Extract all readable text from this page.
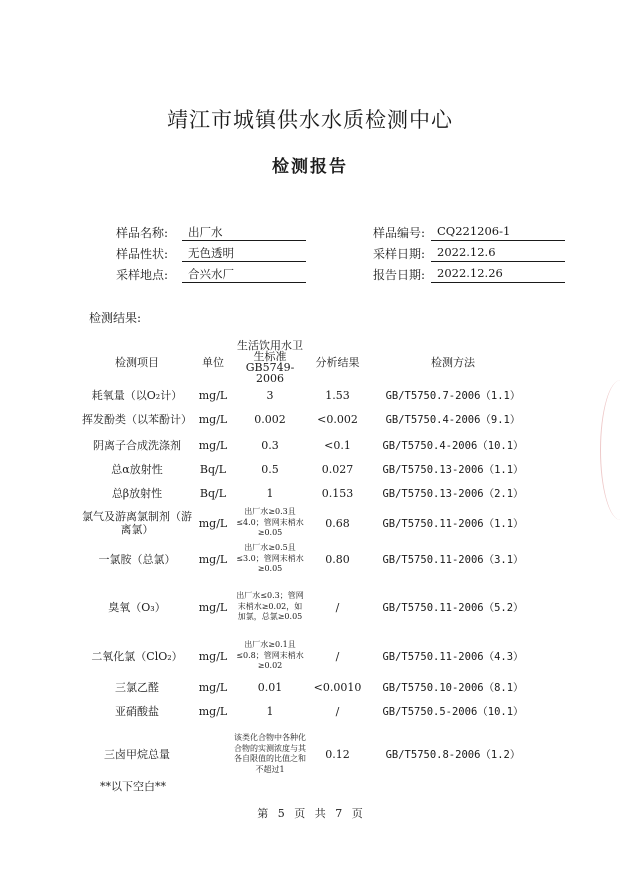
靖江市城镇供水水质检测中心
检测报告
样品名称:	出厂水	样品编号:	CQ221206-1
样品性状:	无色透明	采样日期:	2022.12.6
采样地点:	合兴水厂	报告日期:	2022.12.26
检测结果:
检测项目	单位	生活饮用水卫生标准GB5749-2006	分析结果	检测方法
耗氧量（以O₂计）	mg/L	3	1.53	GB/T5750.7-2006（1.1）
挥发酚类（以苯酚计）	mg/L	0.002	<0.002	GB/T5750.4-2006（9.1）
阴离子合成洗涤剂	mg/L	0.3	<0.1	GB/T5750.4-2006（10.1）
总α放射性	Bq/L	0.5	0.027	GB/T5750.13-2006（1.1）
总β放射性	Bq/L	1	0.153	GB/T5750.13-2006（2.1）
氯气及游离氯制剂（游离氯）	mg/L	出厂水≥0.3且≤4.0；管网末梢水≥0.05	0.68	GB/T5750.11-2006（1.1）
一氯胺（总氯）	mg/L	出厂水≥0.5且≤3.0；管网末梢水≥0.05	0.80	GB/T5750.11-2006（3.1）
臭氧（O₃）	mg/L	出厂水≤0.3；管网末梢水≥0.02，如加氯，总氯≥0.05	/	GB/T5750.11-2006（5.2）
二氧化氯（ClO₂）	mg/L	出厂水≥0.1且≤0.8；管网末梢水≥0.02	/	GB/T5750.11-2006（4.3）
三氯乙醛	mg/L	0.01	<0.0010	GB/T5750.10-2006（8.1）
亚硝酸盐	mg/L	1	/	GB/T5750.5-2006（10.1）
三卤甲烷总量		该类化合物中各种化合物的实测浓度与其各自限值的比值之和不超过1	0.12	GB/T5750.8-2006（1.2）
**以下空白**
第 5 页 共 7 页
